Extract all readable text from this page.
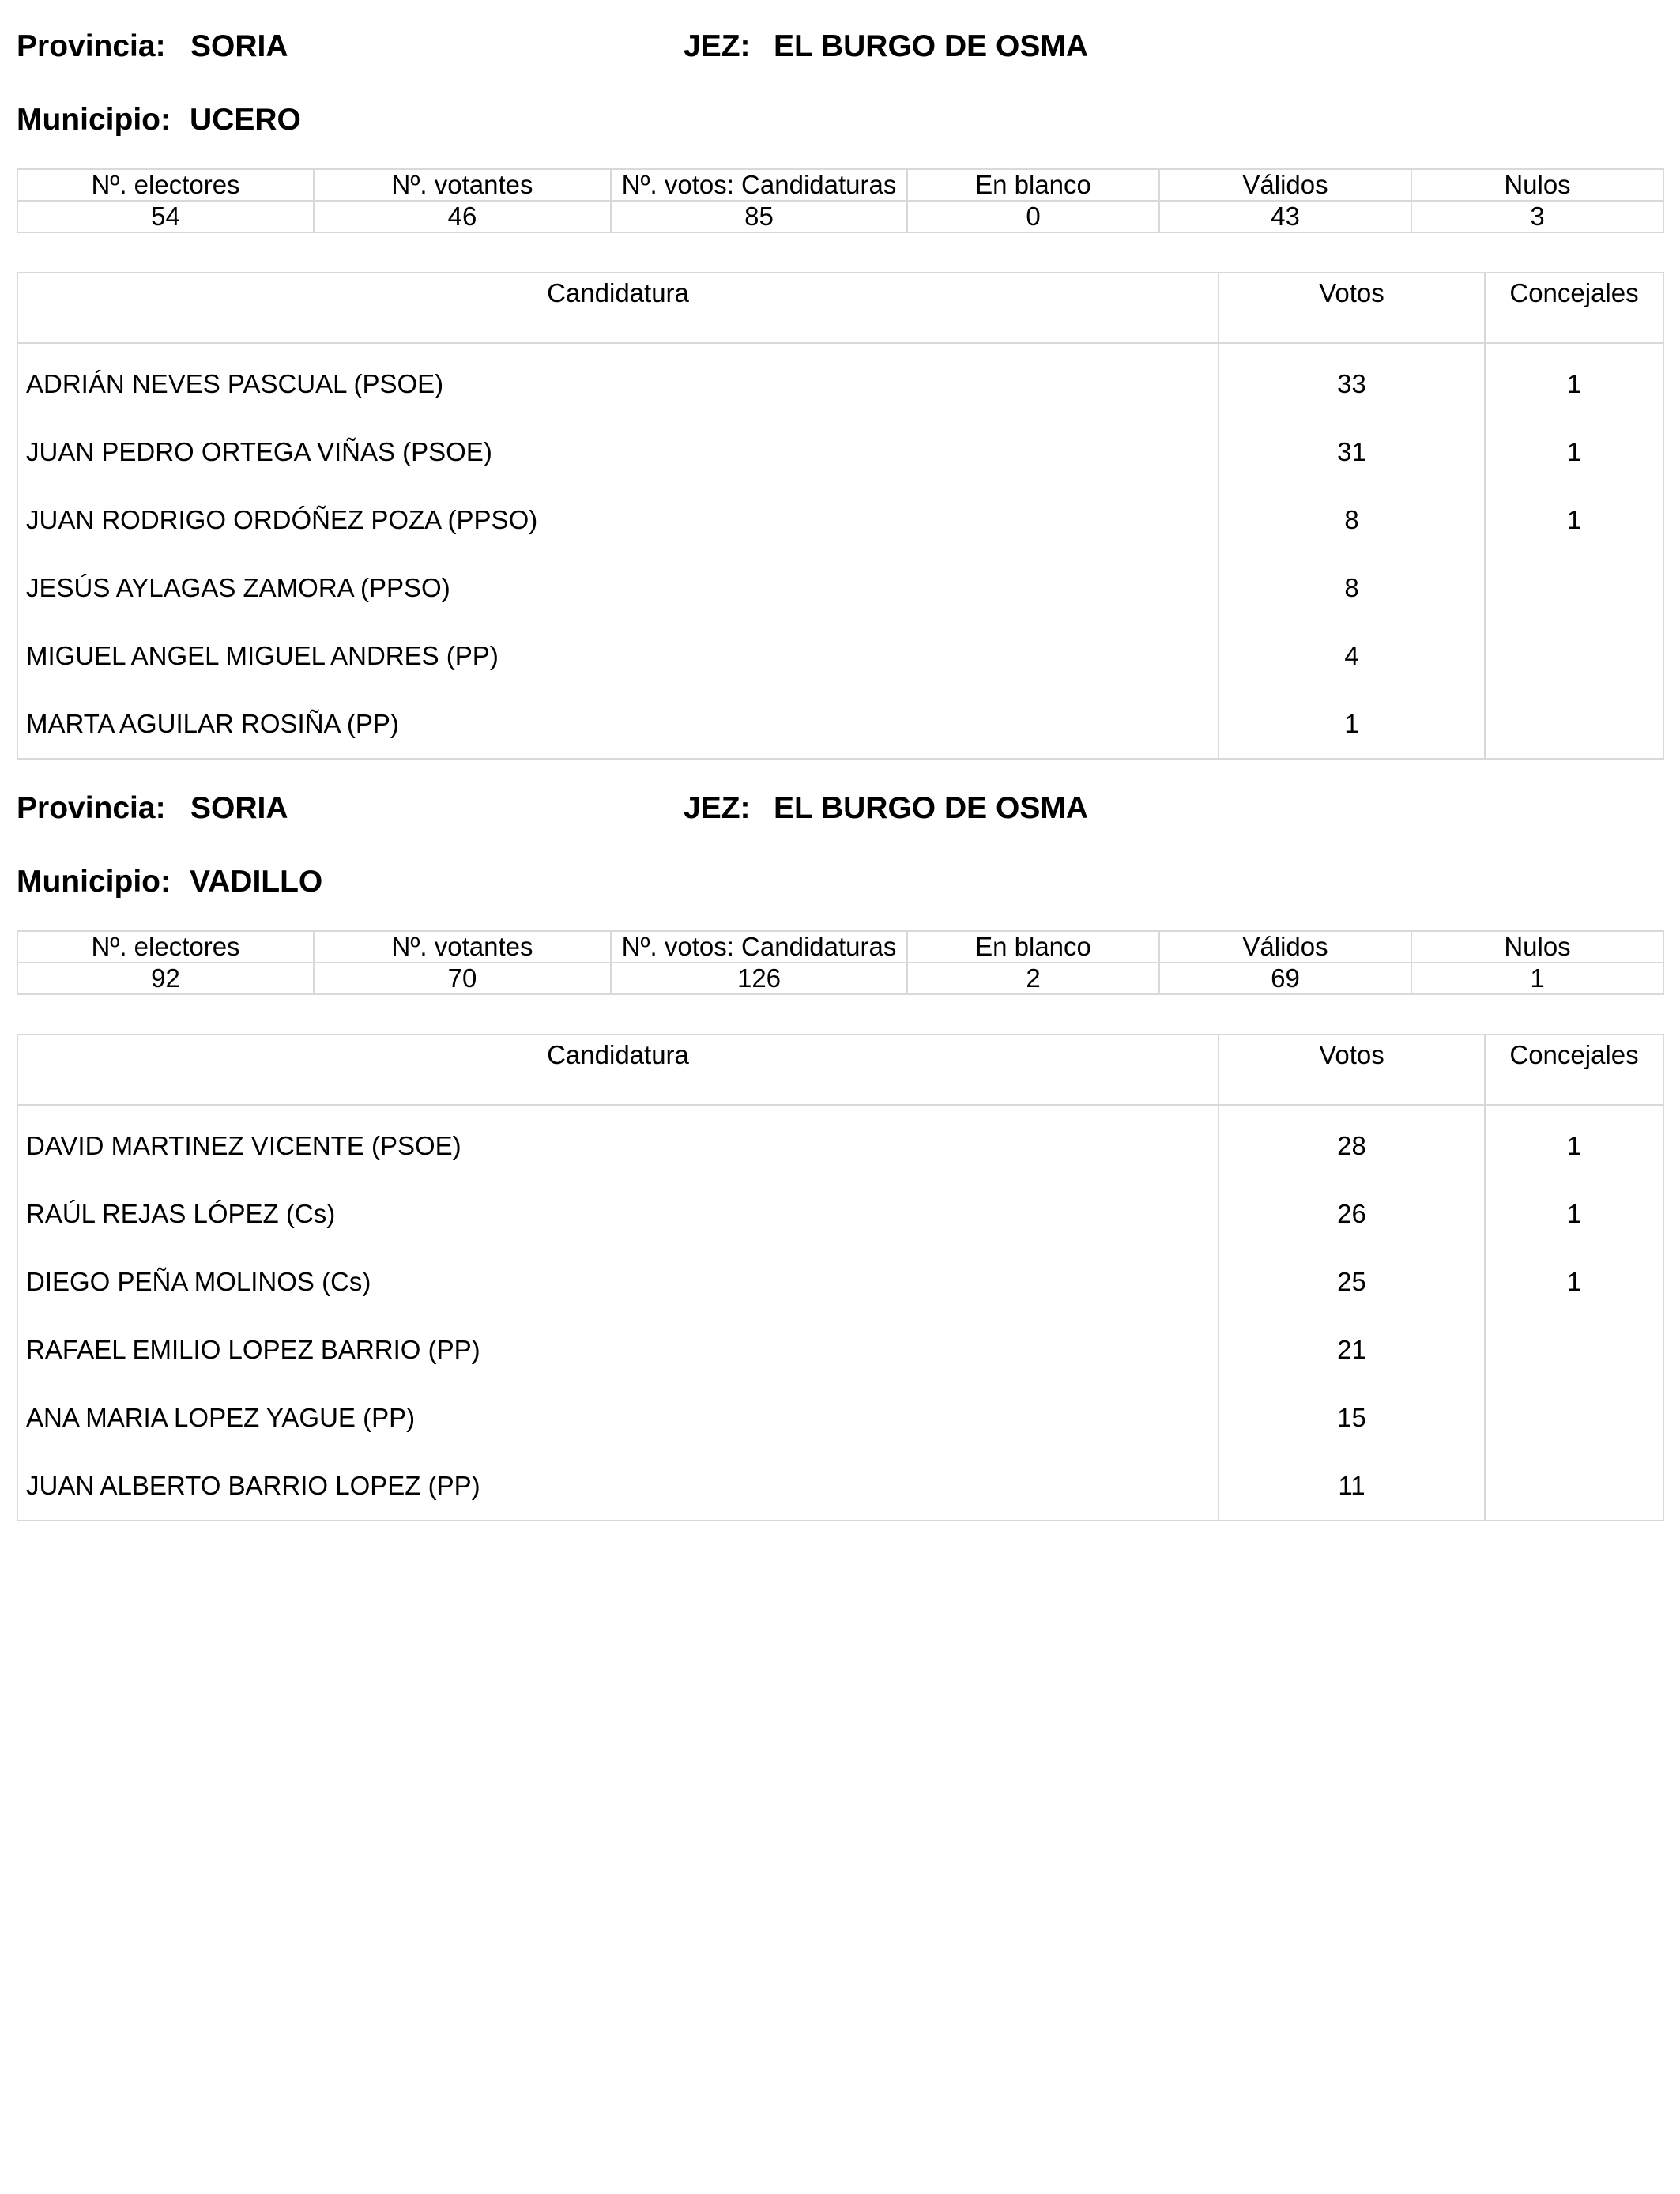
Provincia: SORIA	JEZ: EL BURGO DE OSMA
Municipio: UCERO
Nº. electores	Nº. votantes	Nº. votos: Candidaturas	En blanco	Válidos	Nulos
54	46	85	0	43	3
Candidatura	Votos	Concejales
ADRIÁN NEVES PASCUAL (PSOE)	33	1
JUAN PEDRO ORTEGA VIÑAS (PSOE)	31	1
JUAN RODRIGO ORDÓÑEZ POZA (PPSO)	8	1
JESÚS AYLAGAS ZAMORA (PPSO)	8	
MIGUEL ANGEL MIGUEL ANDRES (PP)	4	
MARTA AGUILAR ROSIÑA (PP)	1	
Provincia: SORIA	JEZ: EL BURGO DE OSMA
Municipio: VADILLO
Nº. electores	Nº. votantes	Nº. votos: Candidaturas	En blanco	Válidos	Nulos
92	70	126	2	69	1
Candidatura	Votos	Concejales
DAVID MARTINEZ VICENTE (PSOE)	28	1
RAÚL REJAS LÓPEZ (Cs)	26	1
DIEGO PEÑA MOLINOS (Cs)	25	1
RAFAEL EMILIO LOPEZ BARRIO (PP)	21	
ANA MARIA LOPEZ YAGUE (PP)	15	
JUAN ALBERTO BARRIO LOPEZ (PP)	11	
